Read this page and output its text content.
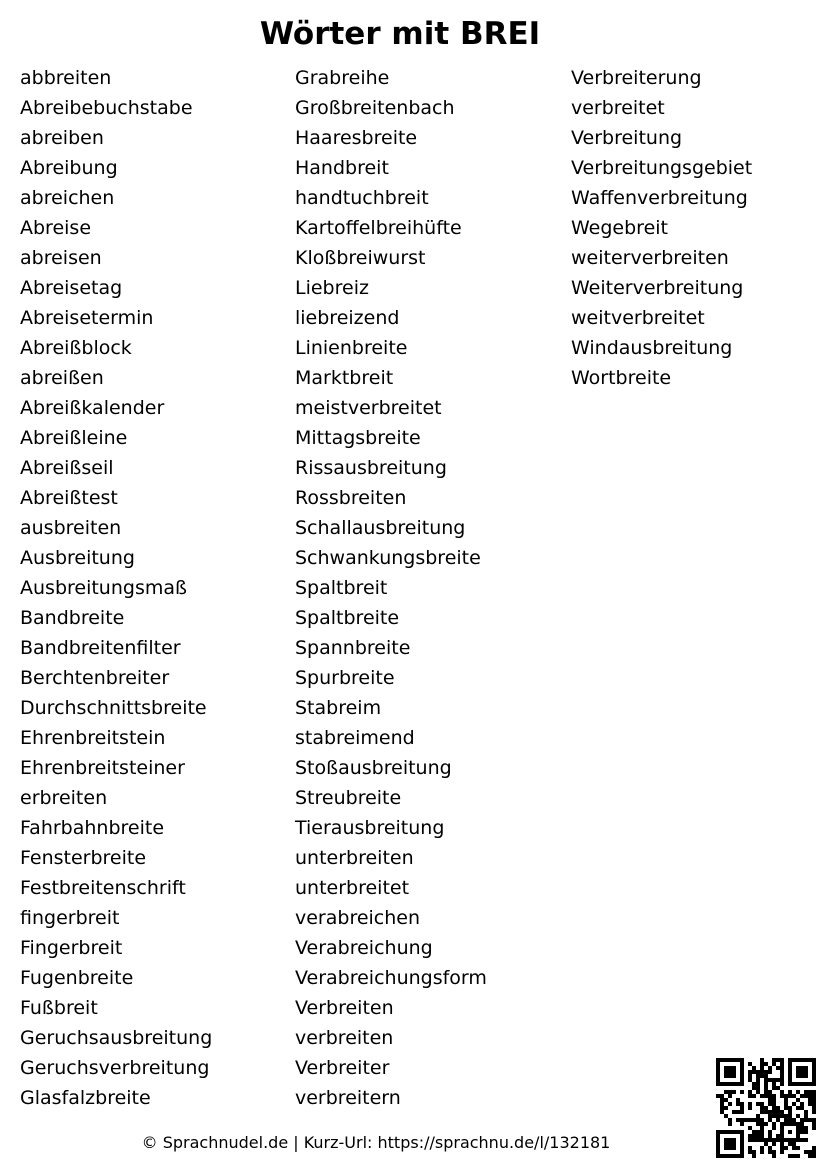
Wörter mit BREI
abbreiten
Abreibebuchstabe
abreiben
Abreibung
abreichen
Abreise
abreisen
Abreisetag
Abreisetermin
Abreißblock
abreißen
Abreißkalender
Abreißleine
Abreißseil
Abreißtest
ausbreiten
Ausbreitung
Ausbreitungsmaß
Bandbreite
Bandbreitenfilter
Berchtenbreiter
Durchschnittsbreite
Ehrenbreitstein
Ehrenbreitsteiner
erbreiten
Fahrbahnbreite
Fensterbreite
Festbreitenschrift
fingerbreit
Fingerbreit
Fugenbreite
Fußbreit
Geruchsausbreitung
Geruchsverbreitung
Glasfalzbreite
Grabreihe
Großbreitenbach
Haaresbreite
Handbreit
handtuchbreit
Kartoffelbreihüfte
Kloßbreiwurst
Liebreiz
liebreizend
Linienbreite
Marktbreit
meistverbreitet
Mittagsbreite
Rissausbreitung
Rossbreiten
Schallausbreitung
Schwankungsbreite
Spaltbreit
Spaltbreite
Spannbreite
Spurbreite
Stabreim
stabreimend
Stoßausbreitung
Streubreite
Tierausbreitung
unterbreiten
unterbreitet
verabreichen
Verabreichung
Verabreichungsform
Verbreiten
verbreiten
Verbreiter
verbreitern
Verbreiterung
verbreitet
Verbreitung
Verbreitungsgebiet
Waffenverbreitung
Wegebreit
weiterverbreiten
Weiterverbreitung
weitverbreitet
Windausbreitung
Wortbreite
© Sprachnudel.de | Kurz-Url: https://sprachnu.de/l/132181
